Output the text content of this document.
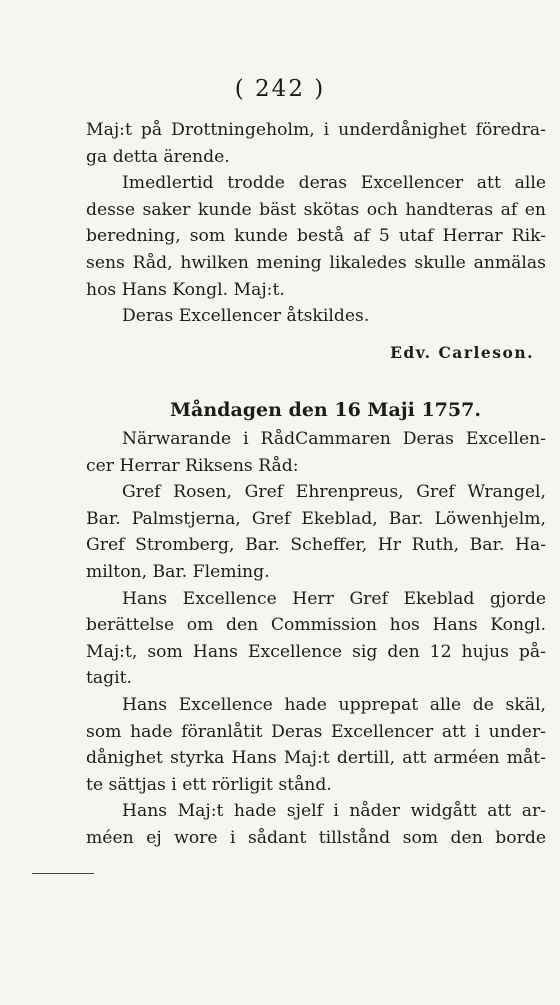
( 242 )
Maj:t på Drottningeholm, i underdånighet föredra-
ga detta ärende.
Imedlertid trodde deras Excellencer att alle
desse saker kunde bäst skötas och handteras af en
beredning, som kunde bestå af 5 utaf Herrar Rik-
sens Råd, hwilken mening likaledes skulle anmälas
hos Hans Kongl. Maj:t.
Deras Excellencer åtskildes.
Edv. Carleson.
Måndagen den 16 Maji 1757.
Närwarande i RådCammaren Deras Excellen-
cer Herrar Riksens Råd:
Gref Rosen, Gref Ehrenpreus, Gref Wrangel,
Bar. Palmstjerna, Gref Ekeblad, Bar. Löwenhjelm,
Gref Stromberg, Bar. Scheffer, Hr Ruth, Bar. Ha-
milton, Bar. Fleming.
Hans Excellence Herr Gref Ekeblad gjorde
berättelse om den Commission hos Hans Kongl.
Maj:t, som Hans Excellence sig den 12 hujus på-
tagit.
Hans Excellence hade upprepat alle de skäl,
som hade föranlåtit Deras Excellencer att i under-
dånighet styrka Hans Maj:t dertill, att arméen måt-
te sättjas i ett rörligit stånd.
Hans Maj:t hade sjelf i nåder widgått att ar-
méen ej wore i sådant tillstånd som den borde
